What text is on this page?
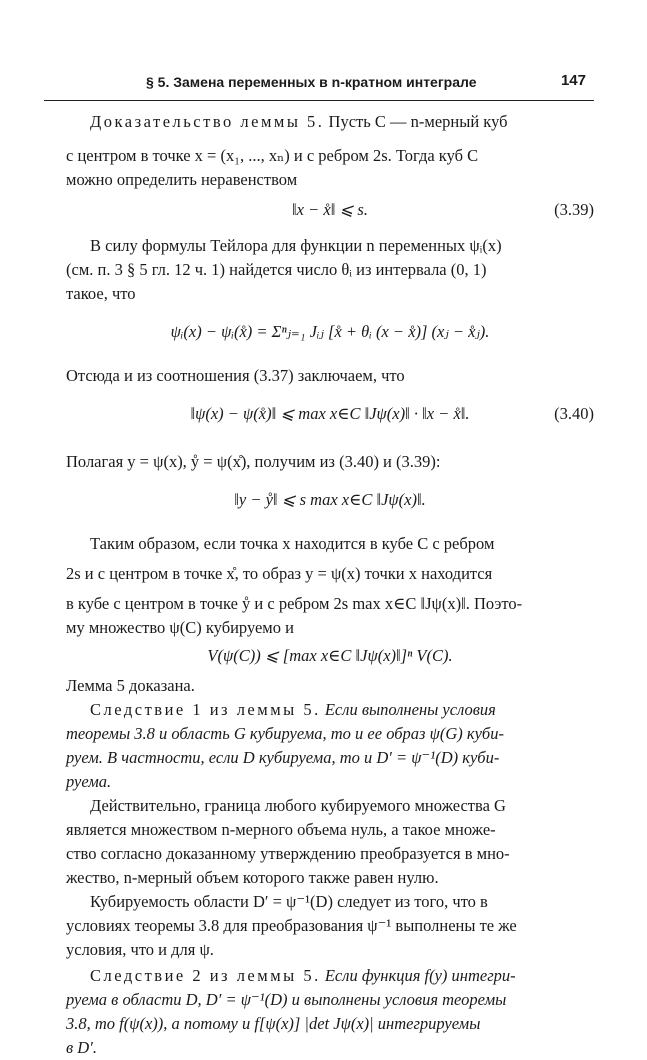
§ 5. Замена переменных в n-кратном интеграле	147
Доказательство леммы 5. Пусть C — n-мерный куб
с центром в точке x = (x₁, ..., xₙ) и с ребром 2s. Тогда куб C
можно определить неравенством
‖x − x̊‖ ⩽ s.	(3.39)
В силу формулы Тейлора для функции n переменных ψᵢ(x)
(см. п. 3 § 5 гл. 12 ч. 1) найдется число θᵢ из интервала (0, 1)
такое, что
ψᵢ(x) − ψᵢ(x̊) = Σⁿⱼ₌₁ Jᵢⱼ [x̊ + θᵢ (x − x̊)] (xⱼ − x̊ⱼ).
Отсюда и из соотношения (3.37) заключаем, что
‖ψ(x) − ψ(x̊)‖ ⩽ max x∈C ‖Jψ(x)‖ · ‖x − x̊‖.	(3.40)
Полагая y = ψ(x), ẙ = ψ(x̊), получим из (3.40) и (3.39):
‖y − ẙ‖ ⩽ s max x∈C ‖Jψ(x)‖.
Таким образом, если точка x находится в кубе C с ребром
2s и с центром в точке x̊, то образ y = ψ(x) точки x находится
в кубе с центром в точке ẙ и с ребром 2s max x∈C ‖Jψ(x)‖. Поэто-
му множество ψ(C) кубируемо и
V(ψ(C)) ⩽ [max x∈C ‖Jψ(x)‖]ⁿ V(C).
Лемма 5 доказана.
Следствие 1 из леммы 5. Если выполнены условия
теоремы 3.8 и область G кубируема, то и ее образ ψ(G) куби-
руем. В частности, если D кубируема, то и D′ = ψ⁻¹(D) куби-
руема.
Действительно, граница любого кубируемого множества G
является множеством n-мерного объема нуль, а такое множе-
ство согласно доказанному утверждению преобразуется в мно-
жество, n-мерный объем которого также равен нулю.
Кубируемость области D′ = ψ⁻¹(D) следует из того, что в
условиях теоремы 3.8 для преобразования ψ⁻¹ выполнены те же
условия, что и для ψ.
Следствие 2 из леммы 5. Если функция f(y) интегри-
руема в области D, D′ = ψ⁻¹(D) и выполнены условия теоремы
3.8, то f(ψ(x)), а потому и f[ψ(x)] |det Jψ(x)| интегрируемы
в D′.
